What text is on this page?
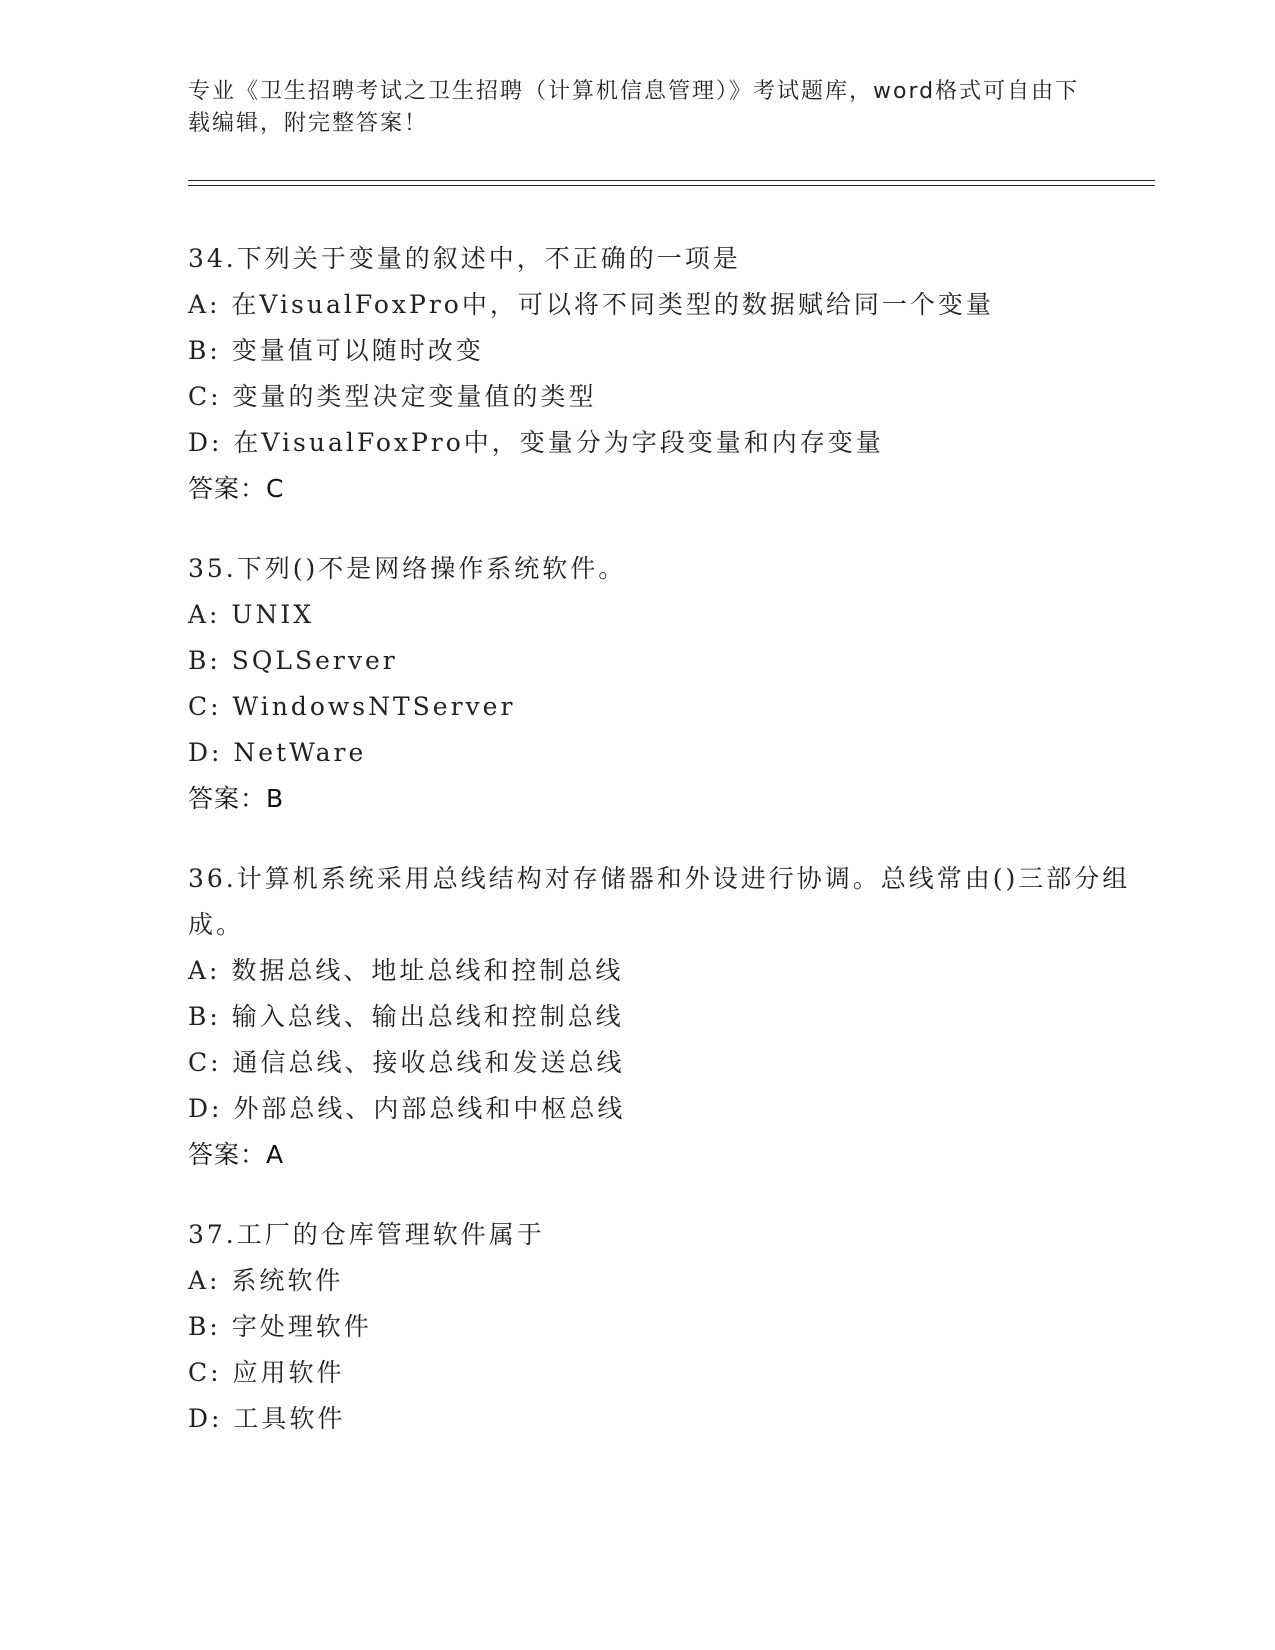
专业《卫生招聘考试之卫生招聘（计算机信息管理）》考试题库，word格式可自由下载编辑，附完整答案！
34.下列关于变量的叙述中，不正确的一项是
A: 在VisualFoxPro中，可以将不同类型的数据赋给同一个变量
B: 变量值可以随时改变
C: 变量的类型决定变量值的类型
D: 在VisualFoxPro中，变量分为字段变量和内存变量
答案：C
35.下列()不是网络操作系统软件。
A: UNIX
B: SQLServer
C: WindowsNTServer
D: NetWare
答案：B
36.计算机系统采用总线结构对存储器和外设进行协调。总线常由()三部分组成。
A: 数据总线、地址总线和控制总线
B: 输入总线、输出总线和控制总线
C: 通信总线、接收总线和发送总线
D: 外部总线、内部总线和中枢总线
答案：A
37.工厂的仓库管理软件属于
A: 系统软件
B: 字处理软件
C: 应用软件
D: 工具软件
